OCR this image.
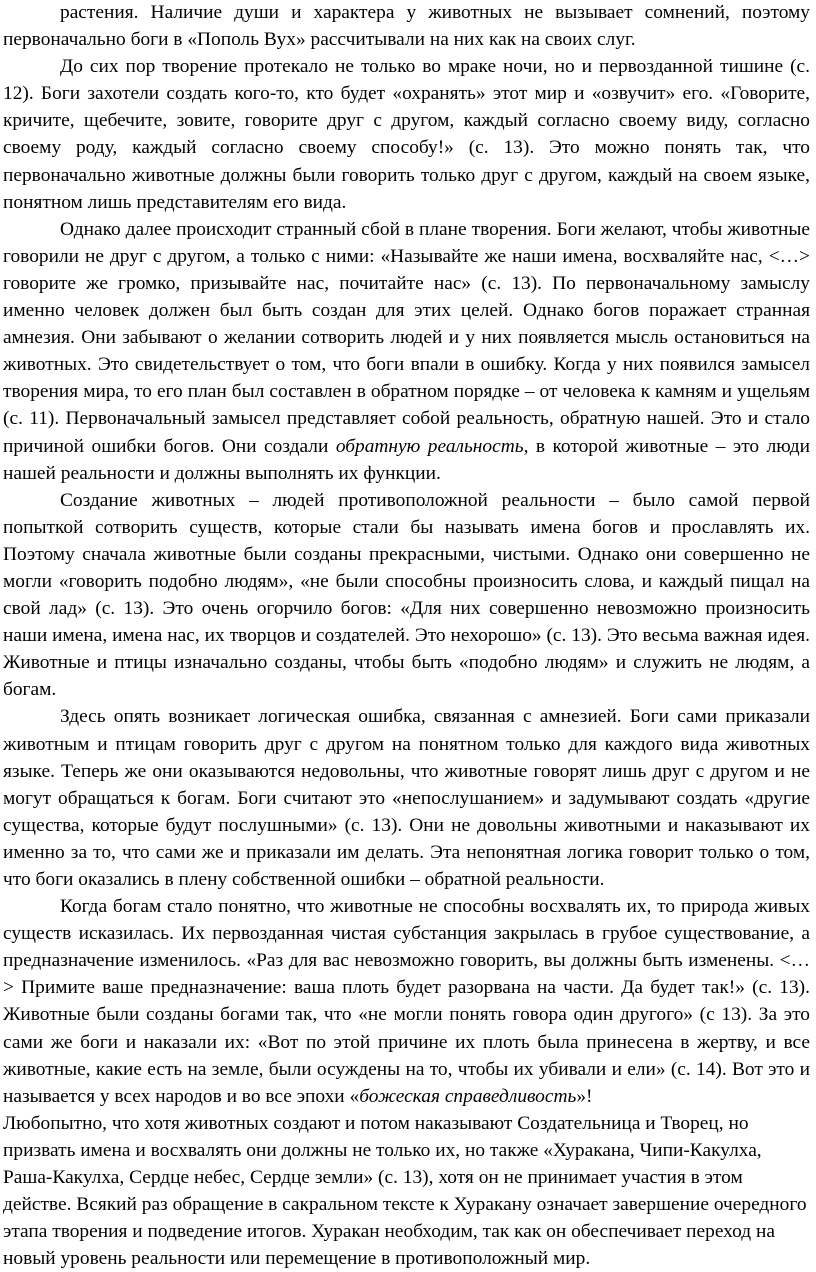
растения. Наличие души и характера у животных не вызывает сомнений, поэтому первоначально боги в «Пополь Вух» рассчитывали на них как на своих слуг.

До сих пор творение протекало не только во мраке ночи, но и первозданной тишине (с. 12). Боги захотели создать кого-то, кто будет «охранять» этот мир и «озвучит» его. «Говорите, кричите, щебечите, зовите, говорите друг с другом, каждый согласно своему виду, согласно своему роду, каждый согласно своему способу!» (с. 13). Это можно понять так, что первоначально животные должны были говорить только друг с другом, каждый на своем языке, понятном лишь представителям его вида.

Однако далее происходит странный сбой в плане творения. Боги желают, чтобы животные говорили не друг с другом, а только с ними: «Называйте же наши имена, восхваляйте нас, <…> говорите же громко, призывайте нас, почитайте нас» (с. 13). По первоначальному замыслу именно человек должен был быть создан для этих целей. Однако богов поражает странная амнезия. Они забывают о желании сотворить людей и у них появляется мысль остановиться на животных. Это свидетельствует о том, что боги впали в ошибку. Когда у них появился замысел творения мира, то его план был составлен в обратном порядке – от человека к камням и ущельям (с. 11). Первоначальный замысел представляет собой реальность, обратную нашей. Это и стало причиной ошибки богов. Они создали обратную реальность, в которой животные – это люди нашей реальности и должны выполнять их функции.

Создание животных – людей противоположной реальности – было самой первой попыткой сотворить существ, которые стали бы называть имена богов и прославлять их. Поэтому сначала животные были созданы прекрасными, чистыми. Однако они совершенно не могли «говорить подобно людям», «не были способны произносить слова, и каждый пищал на свой лад» (с. 13). Это очень огорчило богов: «Для них совершенно невозможно произносить наши имена, имена нас, их творцов и создателей. Это нехорошо» (с. 13). Это весьма важная идея. Животные и птицы изначально созданы, чтобы быть «подобно людям» и служить не людям, а богам.

Здесь опять возникает логическая ошибка, связанная с амнезией. Боги сами приказали животным и птицам говорить друг с другом на понятном только для каждого вида животных языке. Теперь же они оказываются недовольны, что животные говорят лишь друг с другом и не могут обращаться к богам. Боги считают это «непослушанием» и задумывают создать «другие существа, которые будут послушными» (с. 13). Они не довольны животными и наказывают их именно за то, что сами же и приказали им делать. Эта непонятная логика говорит только о том, что боги оказались в плену собственной ошибки – обратной реальности.

Когда богам стало понятно, что животные не способны восхвалять их, то природа живых существ исказилась. Их первозданная чистая субстанция закрылась в грубое существование, а предназначение изменилось. «Раз для вас невозможно говорить, вы должны быть изменены. <…> Примите ваше предназначение: ваша плоть будет разорвана на части. Да будет так!» (с. 13). Животные были созданы богами так, что «не могли понять говора один другого» (с 13). За это сами же боги и наказали их: «Вот по этой причине их плоть была принесена в жертву, и все животные, какие есть на земле, были осуждены на то, чтобы их убивали и ели» (с. 14). Вот это и называется у всех народов и во все эпохи «божеская справедливость»!

Любопытно, что хотя животных создают и потом наказывают Создательница и Творец, но призвать имена и восхвалять они должны не только их, но также «Хуракана, Чипи-Какулха, Раша-Какулха, Сердце небес, Сердце земли» (с. 13), хотя он не принимает участия в этом действе. Всякий раз обращение в сакральном тексте к Хуракану означает завершение очередного этапа творения и подведение итогов. Хуракан необходим, так как он обеспечивает переход на новый уровень реальности или перемещение в противоположный мир.
